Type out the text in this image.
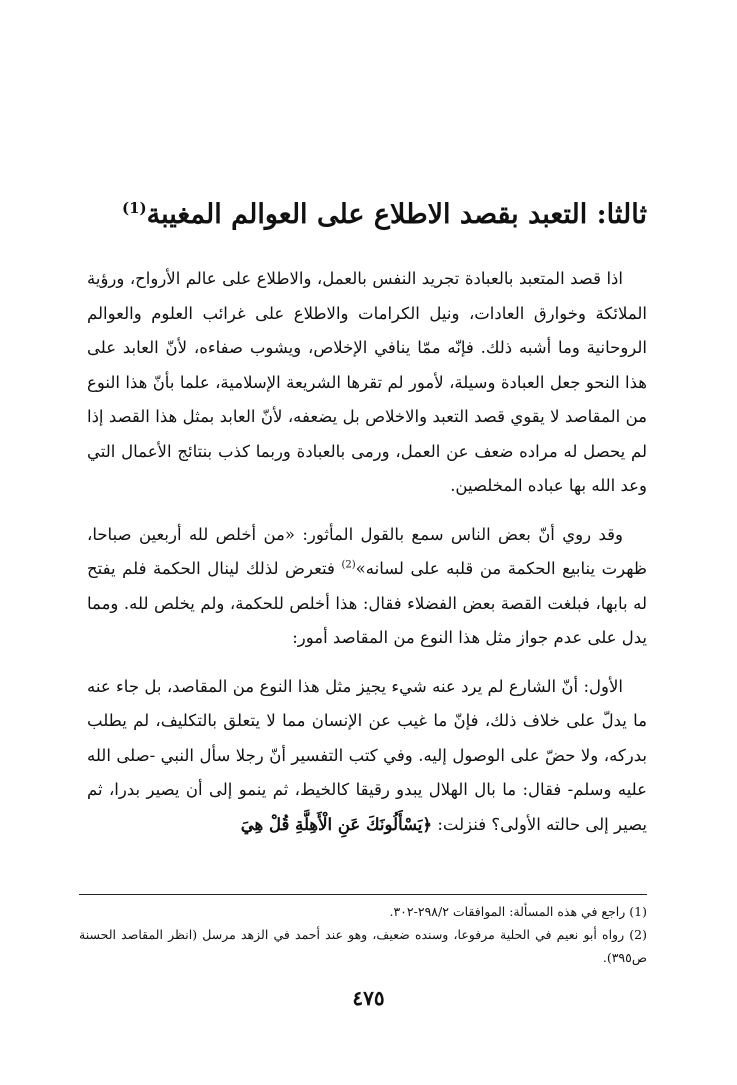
ثالثا: التعبد بقصد الاطلاع على العوالم المغيبة$^{(1)}$

اذا قصد المتعبد بالعبادة تجريد النفس بالعمل، والاطلاع على عالم الأرواح، ورؤية الملائكة وخوارق العادات، ونيل الكرامات والاطلاع على غرائب العلوم والعوالم الروحانية وما أشبه ذلك. فإنّه ممّا ينافي الإخلاص، ويشوب صفاءه، لأنّ العابد على هذا النحو جعل العبادة وسيلة، لأمور لم تقرها الشريعة الإسلامية، علما بأنّ هذا النوع من المقاصد لا يقوي قصد التعبد والاخلاص بل يضعفه، لأنّ العابد بمثل هذا القصد إذا لم يحصل له مراده ضعف عن العمل، ورمى بالعبادة وربما كذب بنتائج الأعمال التي وعد الله بها عباده المخلصين.

وقد روي أنّ بعض الناس سمع بالقول المأثور: «من أخلص لله أربعين صباحا، ظهرت ينابيع الحكمة من قلبه على لسانه»$^{(2)}$ فتعرض لذلك لينال الحكمة فلم يفتح له بابها، فبلغت القصة بعض الفضلاء فقال: هذا أخلص للحكمة، ولم يخلص لله. ومما يدل على عدم جواز مثل هذا النوع من المقاصد أمور:

الأول: أنّ الشارع لم يرد عنه شيء يجيز مثل هذا النوع من المقاصد، بل جاء عنه ما يدلّ على خلاف ذلك، فإنّ ما غيب عن الإنسان مما لا يتعلق بالتكليف، لم يطلب بدركه، ولا حضّ على الوصول إليه. وفي كتب التفسير أنّ رجلا سأل النبي -صلى الله عليه وسلم- فقال: ما بال الهلال يبدو رقيقا كالخيط، ثم ينمو إلى أن يصير بدرا، ثم يصير إلى حالته الأولى؟ فنزلت: ﴿يَسْأَلُونَكَ عَنِ الْأَهِلَّةِ قُلْ هِيَ

(1) راجع في هذه المسألة: الموافقات ٢٩٨/٢-٣٠٢.

(2) رواه أبو نعيم في الحلية مرفوعا، وسنده ضعيف، وهو عند أحمد في الزهد مرسل (انظر المقاصد الحسنة ص٣٩٥).

٤٧٥
